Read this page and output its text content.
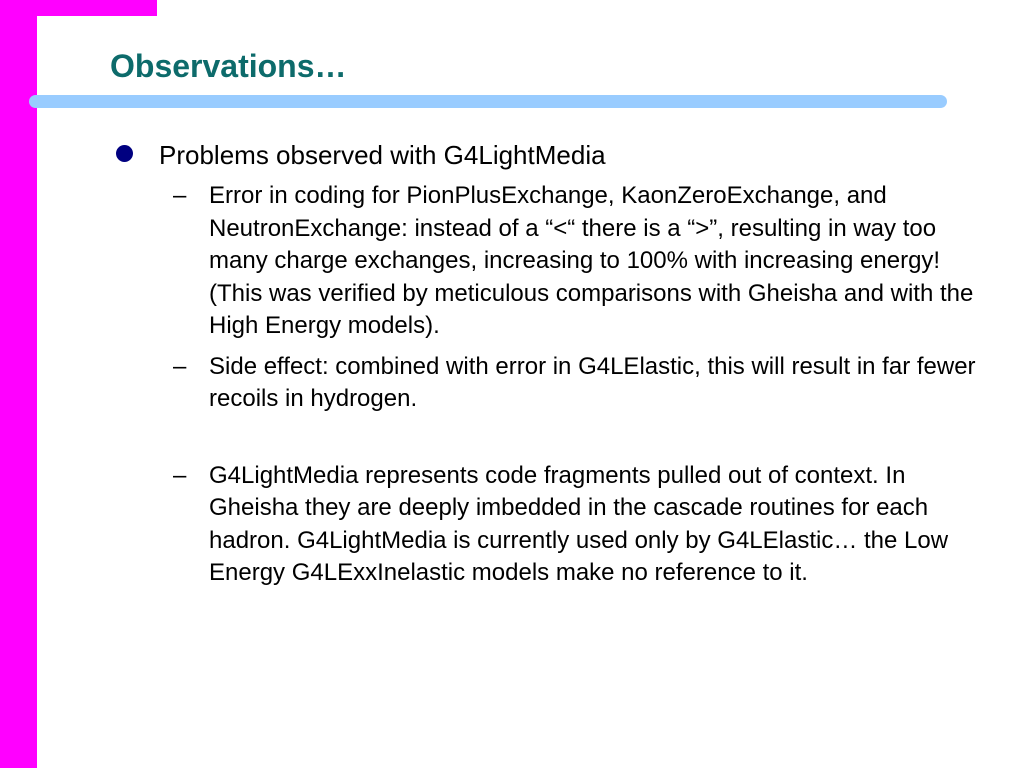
Observations…
Problems observed with G4LightMedia
– Error in coding for PionPlusExchange, KaonZeroExchange, and NeutronExchange: instead of a “<“ there is a “>”, resulting in way too many charge exchanges, increasing to 100% with increasing energy! (This was verified by meticulous comparisons with Gheisha and with the High Energy models).
– Side effect: combined with error in G4LElastic, this will result in far fewer recoils in hydrogen.
– G4LightMedia represents code fragments pulled out of context. In Gheisha they are deeply imbedded in the cascade routines for each hadron. G4LightMedia is currently used only by G4LElastic… the Low Energy G4LExxInelastic models make no reference to it.
